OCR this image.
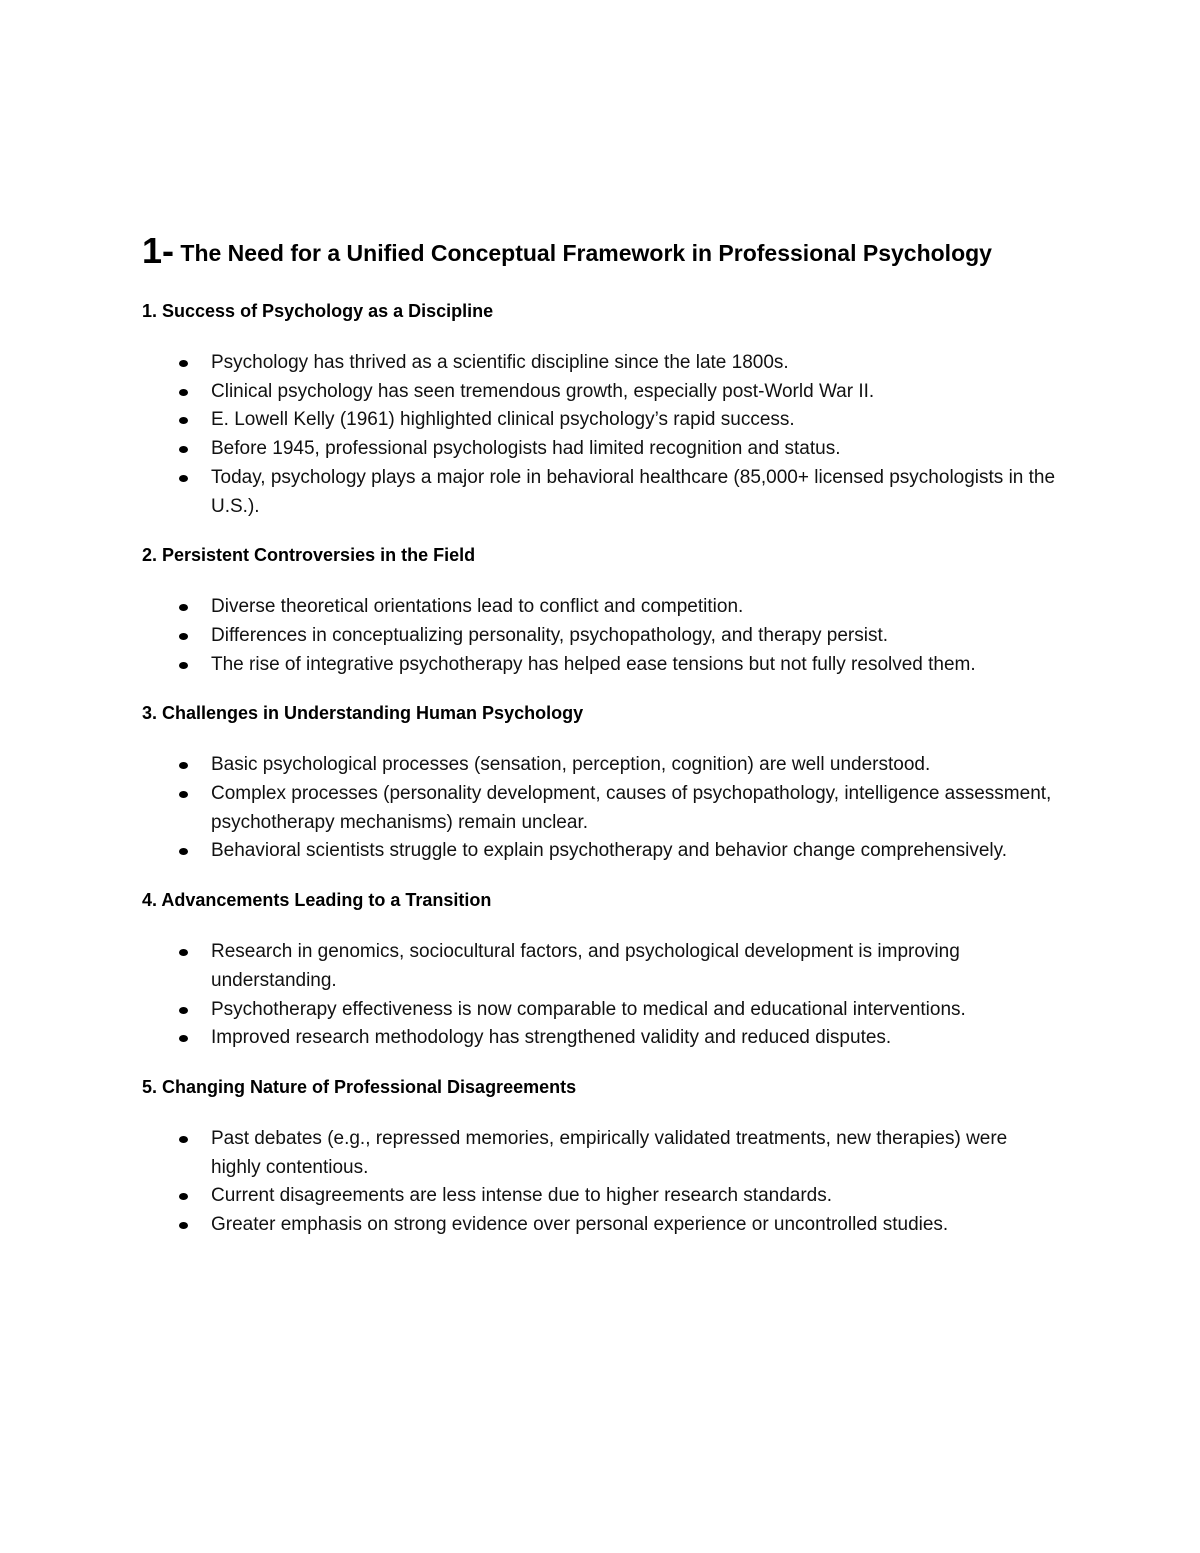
1- The Need for a Unified Conceptual Framework in Professional Psychology
1. Success of Psychology as a Discipline
Psychology has thrived as a scientific discipline since the late 1800s.
Clinical psychology has seen tremendous growth, especially post-World War II.
E. Lowell Kelly (1961) highlighted clinical psychology’s rapid success.
Before 1945, professional psychologists had limited recognition and status.
Today, psychology plays a major role in behavioral healthcare (85,000+ licensed psychologists in the U.S.).
2. Persistent Controversies in the Field
Diverse theoretical orientations lead to conflict and competition.
Differences in conceptualizing personality, psychopathology, and therapy persist.
The rise of integrative psychotherapy has helped ease tensions but not fully resolved them.
3. Challenges in Understanding Human Psychology
Basic psychological processes (sensation, perception, cognition) are well understood.
Complex processes (personality development, causes of psychopathology, intelligence assessment, psychotherapy mechanisms) remain unclear.
Behavioral scientists struggle to explain psychotherapy and behavior change comprehensively.
4. Advancements Leading to a Transition
Research in genomics, sociocultural factors, and psychological development is improving understanding.
Psychotherapy effectiveness is now comparable to medical and educational interventions.
Improved research methodology has strengthened validity and reduced disputes.
5. Changing Nature of Professional Disagreements
Past debates (e.g., repressed memories, empirically validated treatments, new therapies) were highly contentious.
Current disagreements are less intense due to higher research standards.
Greater emphasis on strong evidence over personal experience or uncontrolled studies.
